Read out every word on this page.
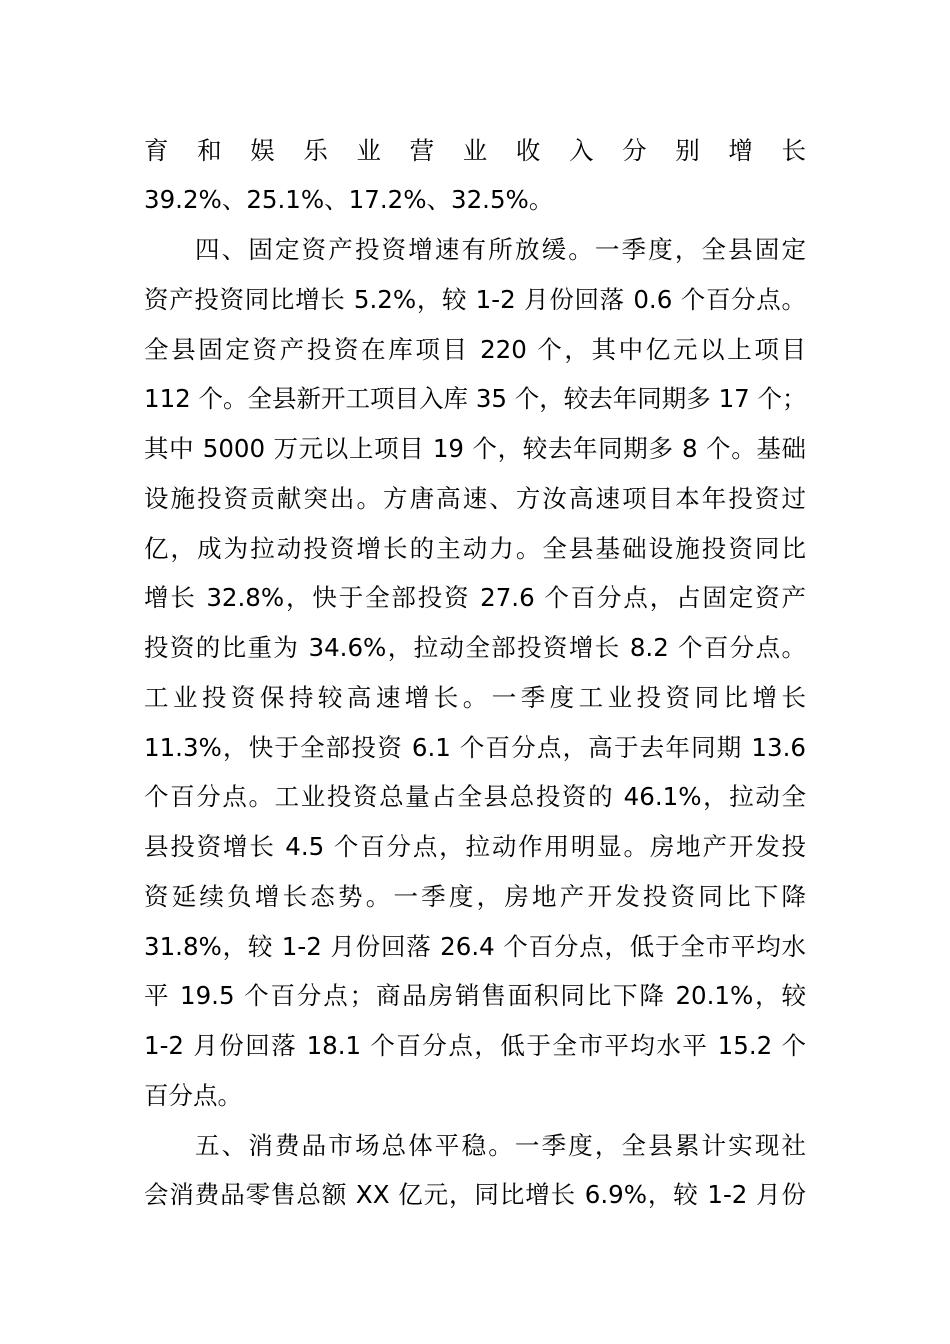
育 和 娱 乐 业 营 业 收 入 分 别 增 长
39.2%、25.1%、17.2%、32.5%。
四、固定资产投资增速有所放缓。一季度，全县固定
资产投资同比增长 5.2%，较 1-2 月份回落 0.6 个百分点。
全县固定资产投资在库项目 220 个，其中亿元以上项目
112 个。全县新开工项目入库 35 个，较去年同期多 17 个；
其中 5000 万元以上项目 19 个，较去年同期多 8 个。基础
设施投资贡献突出。方唐高速、方汝高速项目本年投资过
亿，成为拉动投资增长的主动力。全县基础设施投资同比
增长 32.8%，快于全部投资 27.6 个百分点，占固定资产
投资的比重为 34.6%，拉动全部投资增长 8.2 个百分点。
工业投资保持较高速增长。一季度工业投资同比增长
11.3%，快于全部投资 6.1 个百分点，高于去年同期 13.6
个百分点。工业投资总量占全县总投资的 46.1%，拉动全
县投资增长 4.5 个百分点，拉动作用明显。房地产开发投
资延续负增长态势。一季度，房地产开发投资同比下降
31.8%，较 1-2 月份回落 26.4 个百分点，低于全市平均水
平 19.5 个百分点；商品房销售面积同比下降 20.1%，较
1-2 月份回落 18.1 个百分点，低于全市平均水平 15.2 个
百分点。
五、消费品市场总体平稳。一季度，全县累计实现社
会消费品零售总额 XX 亿元，同比增长 6.9%，较 1-2 月份
